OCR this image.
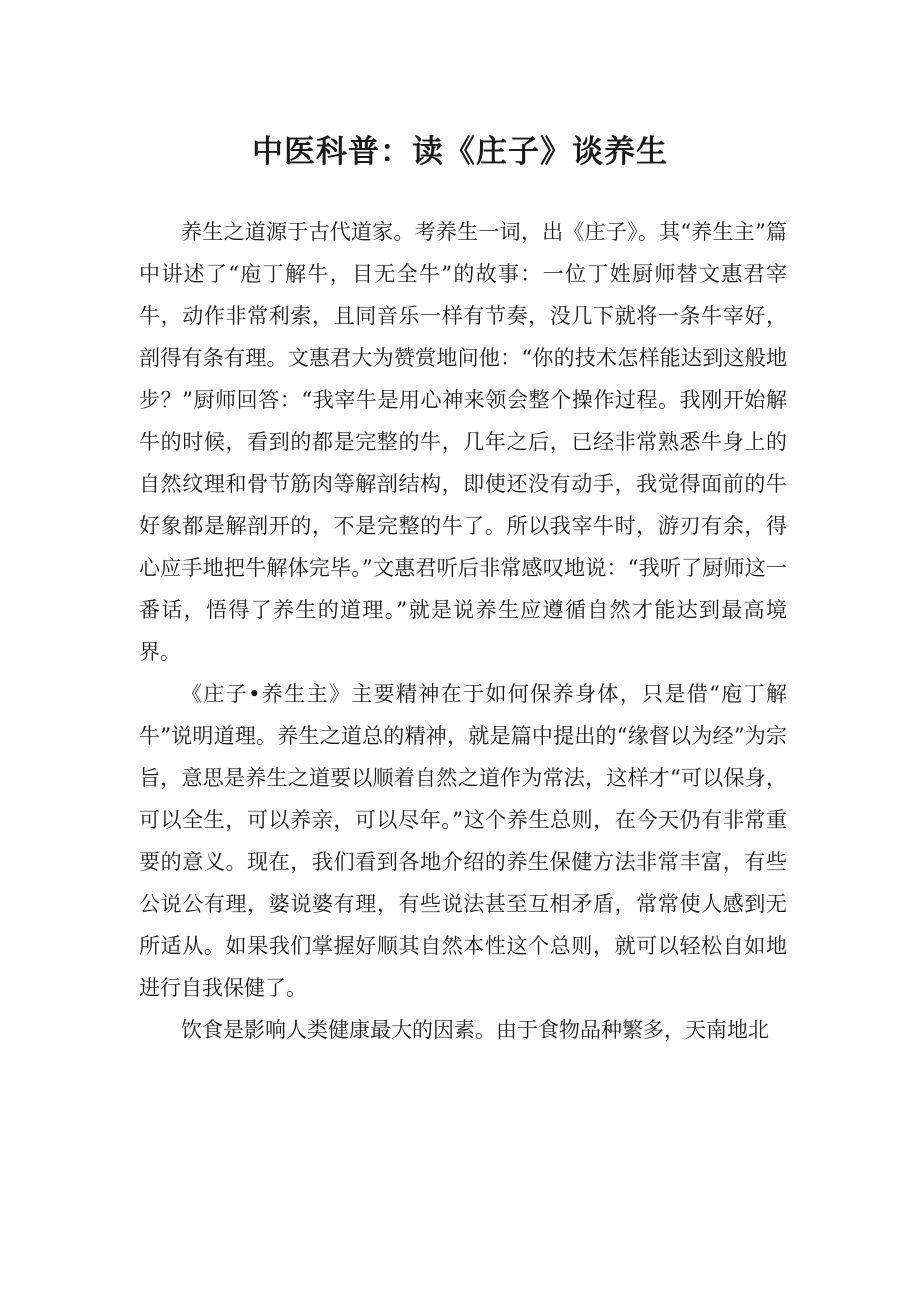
中医科普：读《庄子》谈养生

养生之道源于古代道家。考养生一词，出《庄子》。其“养生主”篇中讲述了“庖丁解牛，目无全牛”的故事：一位丁姓厨师替文惠君宰牛，动作非常利索，且同音乐一样有节奏，没几下就将一条牛宰好，剖得有条有理。文惠君大为赞赏地问他：“你的技术怎样能达到这般地步？”厨师回答：“我宰牛是用心神来领会整个操作过程。我刚开始解牛的时候，看到的都是完整的牛，几年之后，已经非常熟悉牛身上的自然纹理和骨节筋肉等解剖结构，即使还没有动手，我觉得面前的牛好象都是解剖开的，不是完整的牛了。所以我宰牛时，游刃有余，得心应手地把牛解体完毕。”文惠君听后非常感叹地说：“我听了厨师这一番话，悟得了养生的道理。”就是说养生应遵循自然才能达到最高境界。

《庄子•养生主》主要精神在于如何保养身体，只是借“庖丁解牛”说明道理。养生之道总的精神，就是篇中提出的“缘督以为经”为宗旨，意思是养生之道要以顺着自然之道作为常法，这样才“可以保身，可以全生，可以养亲，可以尽年。”这个养生总则，在今天仍有非常重要的意义。现在，我们看到各地介绍的养生保健方法非常丰富，有些公说公有理，婆说婆有理，有些说法甚至互相矛盾，常常使人感到无所适从。如果我们掌握好顺其自然本性这个总则，就可以轻松自如地进行自我保健了。

饮食是影响人类健康最大的因素。由于食物品种繁多，天南地北
